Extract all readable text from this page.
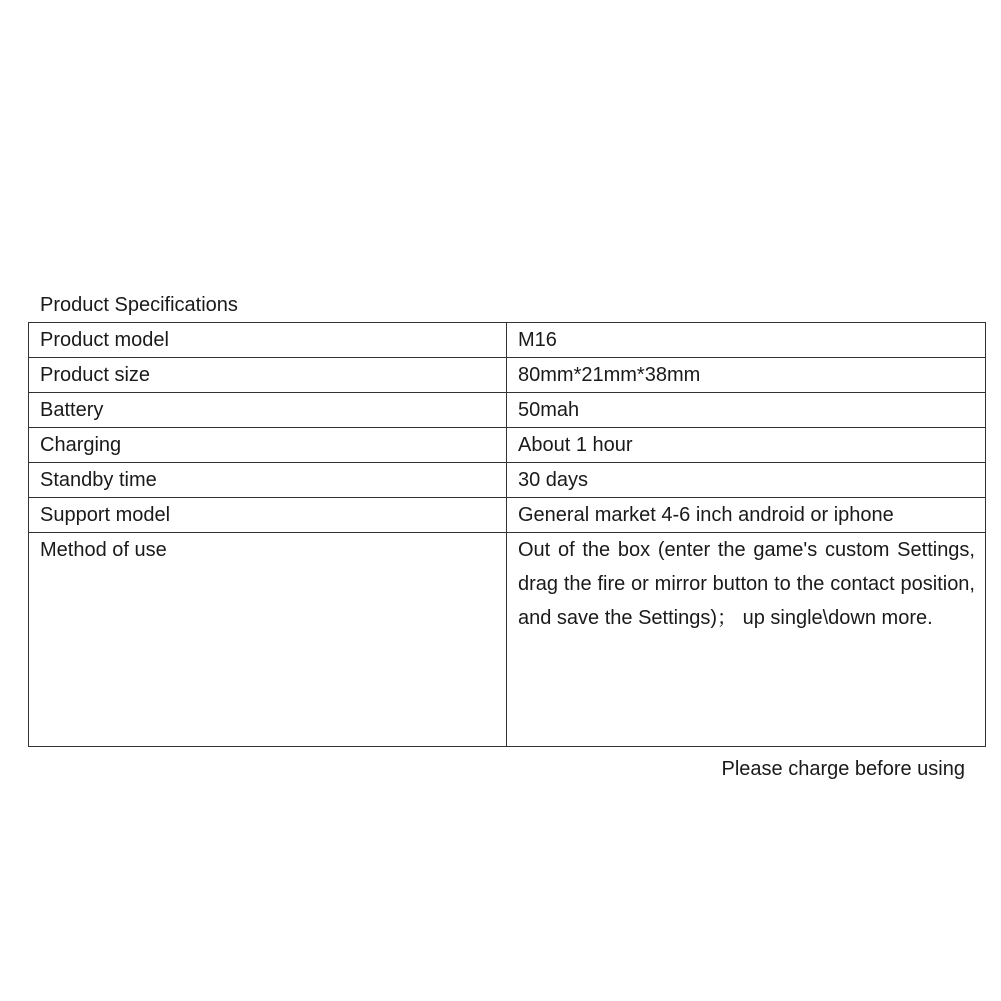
Product Specifications
Product model	M16
Product size	80mm*21mm*38mm
Battery	50mah
Charging	About 1 hour
Standby time	30 days
Support model	General market 4-6 inch android or iphone
Method of use	Out of the box (enter the game's custom Settings, drag the fire or mirror button to the contact position, and save the Settings)； up single\down more.
Please charge before using
